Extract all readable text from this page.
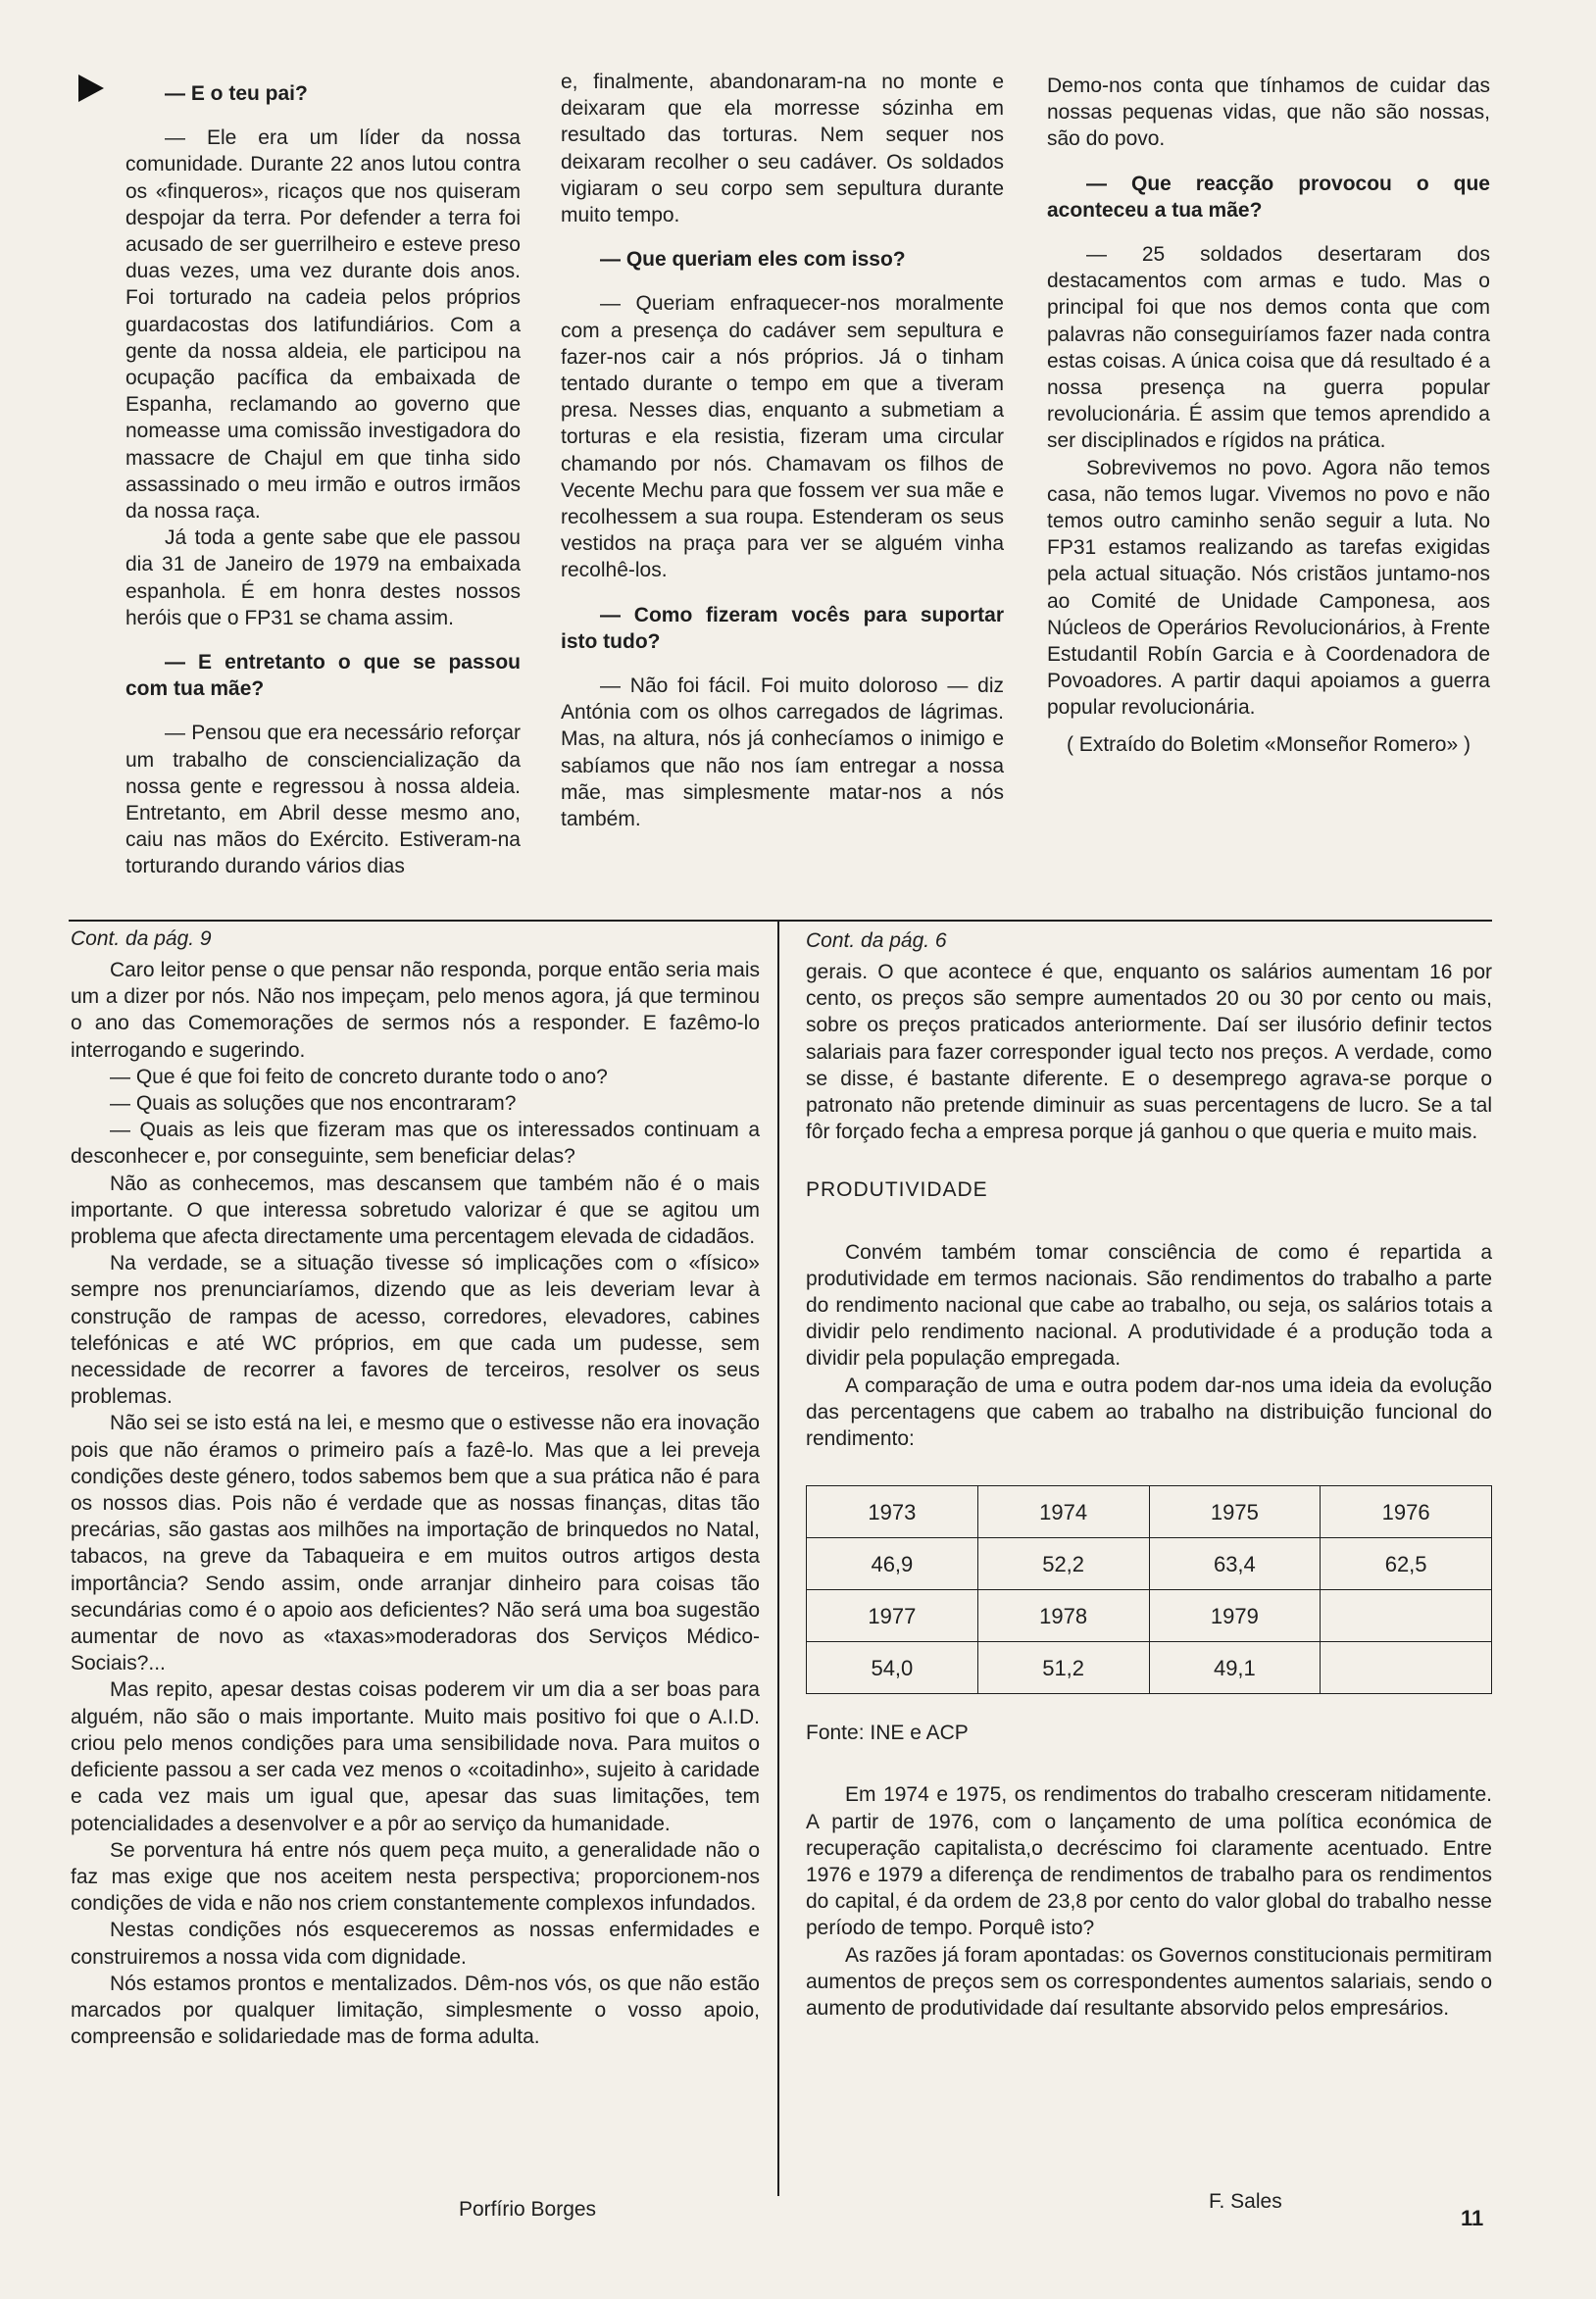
— E o teu pai?

— Ele era um líder da nossa comunidade. Durante 22 anos lutou contra os «finqueros», ricaços que nos quiseram despojar da terra. Por defender a terra foi acusado de ser guerrilheiro e esteve preso duas vezes, uma vez durante dois anos. Foi torturado na cadeia pelos próprios guardacostas dos latifundiários. Com a gente da nossa aldeia, ele participou na ocupação pacífica da embaixada de Espanha, reclamando ao governo que nomeasse uma comissão investigadora do massacre de Chajul em que tinha sido assassinado o meu irmão e outros irmãos da nossa raça.

Já toda a gente sabe que ele passou dia 31 de Janeiro de 1979 na embaixada espanhola. É em honra destes nossos heróis que o FP31 se chama assim.

— E entretanto o que se passou com tua mãe?

— Pensou que era necessário reforçar um trabalho de consciencialização da nossa gente e regressou à nossa aldeia. Entretanto, em Abril desse mesmo ano, caiu nas mãos do Exército. Estiveram-na torturando durando vários dias

e, finalmente, abandonaram-na no monte e deixaram que ela morresse sózinha em resultado das torturas. Nem sequer nos deixaram recolher o seu cadáver. Os soldados vigiaram o seu corpo sem sepultura durante muito tempo.

— Que queriam eles com isso?

— Queriam enfraquecer-nos moralmente com a presença do cadáver sem sepultura e fazer-nos cair a nós próprios. Já o tinham tentado durante o tempo em que a tiveram presa. Nesses dias, enquanto a submetiam a torturas e ela resistia, fizeram uma circular chamando por nós. Chamavam os filhos de Vecente Mechu para que fossem ver sua mãe e recolhessem a sua roupa. Estenderam os seus vestidos na praça para ver se alguém vinha recolhê-los.

— Como fizeram vocês para suportar isto tudo?

— Não foi fácil. Foi muito doloroso — diz Antónia com os olhos carregados de lágrimas. Mas, na altura, nós já conhecíamos o inimigo e sabíamos que não nos íam entregar a nossa mãe, mas simplesmente matar-nos a nós também.

Demo-nos conta que tínhamos de cuidar das nossas pequenas vidas, que não são nossas, são do povo.

— Que reacção provocou o que aconteceu a tua mãe?

— 25 soldados desertaram dos destacamentos com armas e tudo. Mas o principal foi que nos demos conta que com palavras não conseguiríamos fazer nada contra estas coisas. A única coisa que dá resultado é a nossa presença na guerra popular revolucionária. É assim que temos aprendido a ser disciplinados e rígidos na prática.

Sobrevivemos no povo. Agora não temos casa, não temos lugar. Vivemos no povo e não temos outro caminho senão seguir a luta. No FP31 estamos realizando as tarefas exigidas pela actual situação. Nós cristãos juntamo-nos ao Comité de Unidade Camponesa, aos Núcleos de Operários Revolucionários, à Frente Estudantil Robín Garcia e à Coordenadora de Povoadores. A partir daqui apoiamos a guerra popular revolucionária.

( Extraído do Boletim «Monseñor Romero» )

Cont. da pág. 9

Caro leitor pense o que pensar não responda, porque então seria mais um a dizer por nós. Não nos impeçam, pelo menos agora, já que terminou o ano das Comemorações de sermos nós a responder. E fazêmo-lo interrogando e sugerindo.

— Que é que foi feito de concreto durante todo o ano?

— Quais as soluções que nos encontraram?

— Quais as leis que fizeram mas que os interessados continuam a desconhecer e, por conseguinte, sem beneficiar delas?

Não as conhecemos, mas descansem que também não é o mais importante. O que interessa sobretudo valorizar é que se agitou um problema que afecta directamente uma percentagem elevada de cidadãos.

Na verdade, se a situação tivesse só implicações com o «físico» sempre nos prenunciaríamos, dizendo que as leis deveriam levar à construção de rampas de acesso, corredores, elevadores, cabines telefónicas e até WC próprios, em que cada um pudesse, sem necessidade de recorrer a favores de terceiros, resolver os seus problemas.

Não sei se isto está na lei, e mesmo que o estivesse não era inovação pois que não éramos o primeiro país a fazê-lo. Mas que a lei preveja condições deste género, todos sabemos bem que a sua prática não é para os nossos dias. Pois não é verdade que as nossas finanças, ditas tão precárias, são gastas aos milhões na importação de brinquedos no Natal, tabacos, na greve da Tabaqueira e em muitos outros artigos desta importância? Sendo assim, onde arranjar dinheiro para coisas tão secundárias como é o apoio aos deficientes? Não será uma boa sugestão aumentar de novo as «taxas»moderadoras dos Serviços Médico-Sociais?...

Mas repito, apesar destas coisas poderem vir um dia a ser boas para alguém, não são o mais importante. Muito mais positivo foi que o A.I.D. criou pelo menos condições para uma sensibilidade nova. Para muitos o deficiente passou a ser cada vez menos o «coitadinho», sujeito à caridade e cada vez mais um igual que, apesar das suas limitações, tem potencialidades a desenvolver e a pôr ao serviço da humanidade.

Se porventura há entre nós quem peça muito, a generalidade não o faz mas exige que nos aceitem nesta perspectiva; proporcionem-nos condições de vida e não nos criem constantemente complexos infundados.

Nestas condições nós esqueceremos as nossas enfermidades e construiremos a nossa vida com dignidade.

Nós estamos prontos e mentalizados. Dêm-nos vós, os que não estão marcados por qualquer limitação, simplesmente o vosso apoio, compreensão e solidariedade mas de forma adulta.

Porfírio Borges
Cont. da pág. 6

gerais. O que acontece é que, enquanto os salários aumentam 16 por cento, os preços são sempre aumentados 20 ou 30 por cento ou mais, sobre os preços praticados anteriormente. Daí ser ilusório definir tectos salariais para fazer corresponder igual tecto nos preços. A verdade, como se disse, é bastante diferente. E o desemprego agrava-se porque o patronato não pretende diminuir as suas percentagens de lucro. Se a tal fôr forçado fecha a empresa porque já ganhou o que queria e muito mais.

PRODUTIVIDADE

Convém também tomar consciência de como é repartida a produtividade em termos nacionais. São rendimentos do trabalho a parte do rendimento nacional que cabe ao trabalho, ou seja, os salários totais a dividir pelo rendimento nacional. A produtividade é a produção toda a dividir pela população empregada.

A comparação de uma e outra podem dar-nos uma ideia da evolução das percentagens que cabem ao trabalho na distribuição funcional do rendimento:

1973	1974	1975	1976
46,9	52,2	63,4	62,5
1977	1978	1979	
54,0	51,2	49,1	
Fonte: INE e ACP

Em 1974 e 1975, os rendimentos do trabalho cresceram nitidamente. A partir de 1976, com o lançamento de uma política económica de recuperação capitalista,o decréscimo foi claramente acentuado. Entre 1976 e 1979 a diferença de rendimentos de trabalho para os rendimentos do capital, é da ordem de 23,8 por cento do valor global do trabalho nesse período de tempo. Porquê isto?

As razões já foram apontadas: os Governos constitucionais permitiram aumentos de preços sem os correspondentes aumentos salariais, sendo o aumento de produtividade daí resultante absorvido pelos empresários.

F. Sales
11
